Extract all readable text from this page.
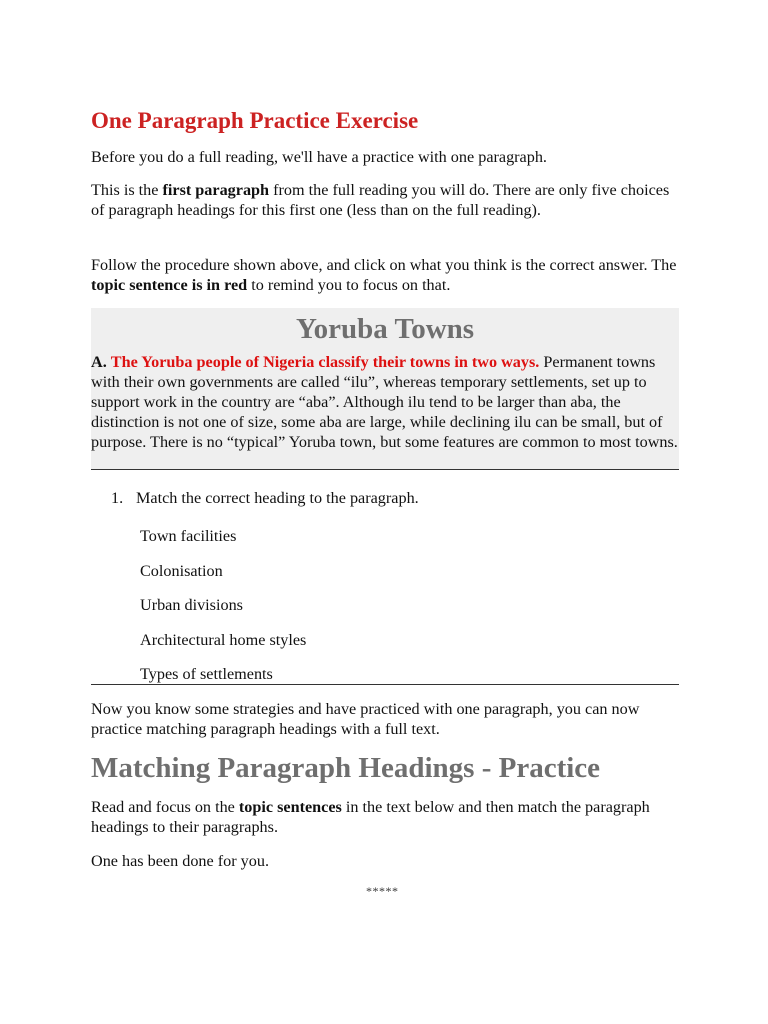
One Paragraph Practice Exercise

Before you do a full reading, we'll have a practice with one paragraph.

This is the first paragraph from the full reading you will do. There are only five choices of paragraph headings for this first one (less than on the full reading).

Follow the procedure shown above, and click on what you think is the correct answer. The topic sentence is in red to remind you to focus on that.

Yoruba Towns

A. The Yoruba people of Nigeria classify their towns in two ways. Permanent towns with their own governments are called “ilu”, whereas temporary settlements, set up to support work in the country are “aba”. Although ilu tend to be larger than aba, the distinction is not one of size, some aba are large, while declining ilu can be small, but of purpose. There is no “typical” Yoruba town, but some features are common to most towns.

1. Match the correct heading to the paragraph.

Town facilities
Colonisation
Urban divisions
Architectural home styles
Types of settlements

Now you know some strategies and have practiced with one paragraph, you can now practice matching paragraph headings with a full text.

Matching Paragraph Headings - Practice

Read and focus on the topic sentences in the text below and then match the paragraph headings to their paragraphs.

One has been done for you.

*****
